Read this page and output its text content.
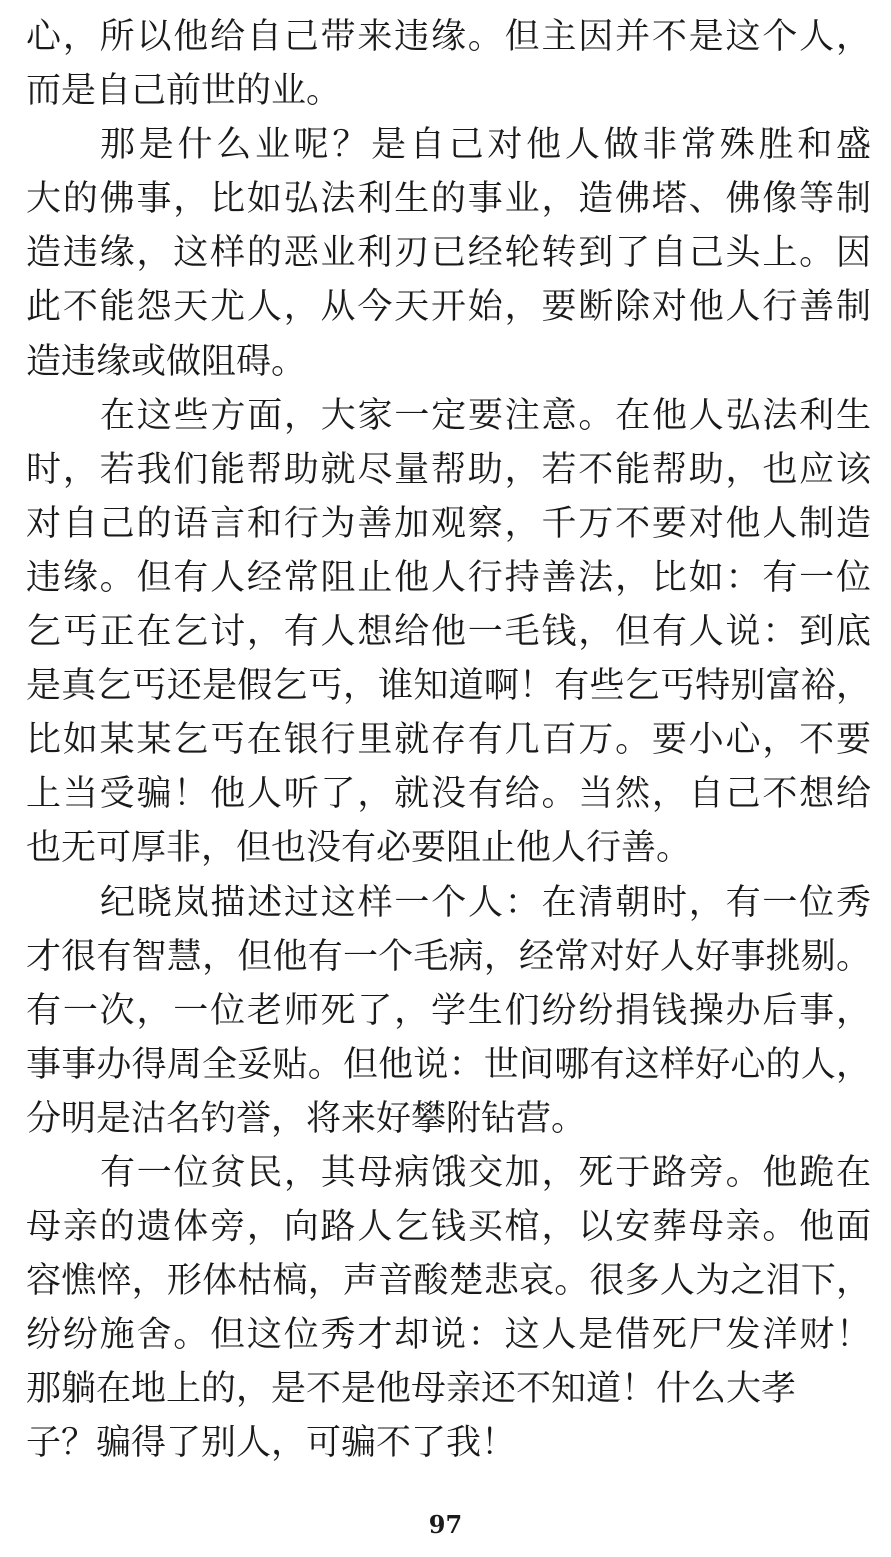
心，所以他给自己带来违缘。但主因并不是这个人，
而是自己前世的业。
那是什么业呢？是自己对他人做非常殊胜和盛
大的佛事，比如弘法利生的事业，造佛塔、佛像等制
造违缘，这样的恶业利刃已经轮转到了自己头上。因
此不能怨天尤人，从今天开始，要断除对他人行善制
造违缘或做阻碍。
在这些方面，大家一定要注意。在他人弘法利生
时，若我们能帮助就尽量帮助，若不能帮助，也应该
对自己的语言和行为善加观察，千万不要对他人制造
违缘。但有人经常阻止他人行持善法，比如：有一位
乞丐正在乞讨，有人想给他一毛钱，但有人说：到底
是真乞丐还是假乞丐，谁知道啊！有些乞丐特别富裕，
比如某某乞丐在银行里就存有几百万。要小心，不要
上当受骗！他人听了，就没有给。当然，自己不想给
也无可厚非，但也没有必要阻止他人行善。
纪晓岚描述过这样一个人：在清朝时，有一位秀
才很有智慧，但他有一个毛病，经常对好人好事挑剔。
有一次，一位老师死了，学生们纷纷捐钱操办后事，
事事办得周全妥贴。但他说：世间哪有这样好心的人，
分明是沽名钓誉，将来好攀附钻营。
有一位贫民，其母病饿交加，死于路旁。他跪在
母亲的遗体旁，向路人乞钱买棺，以安葬母亲。他面
容憔悴，形体枯槁，声音酸楚悲哀。很多人为之泪下，
纷纷施舍。但这位秀才却说：这人是借死尸发洋财！
那躺在地上的，是不是他母亲还不知道！什么大孝
子？骗得了别人，可骗不了我！
97
